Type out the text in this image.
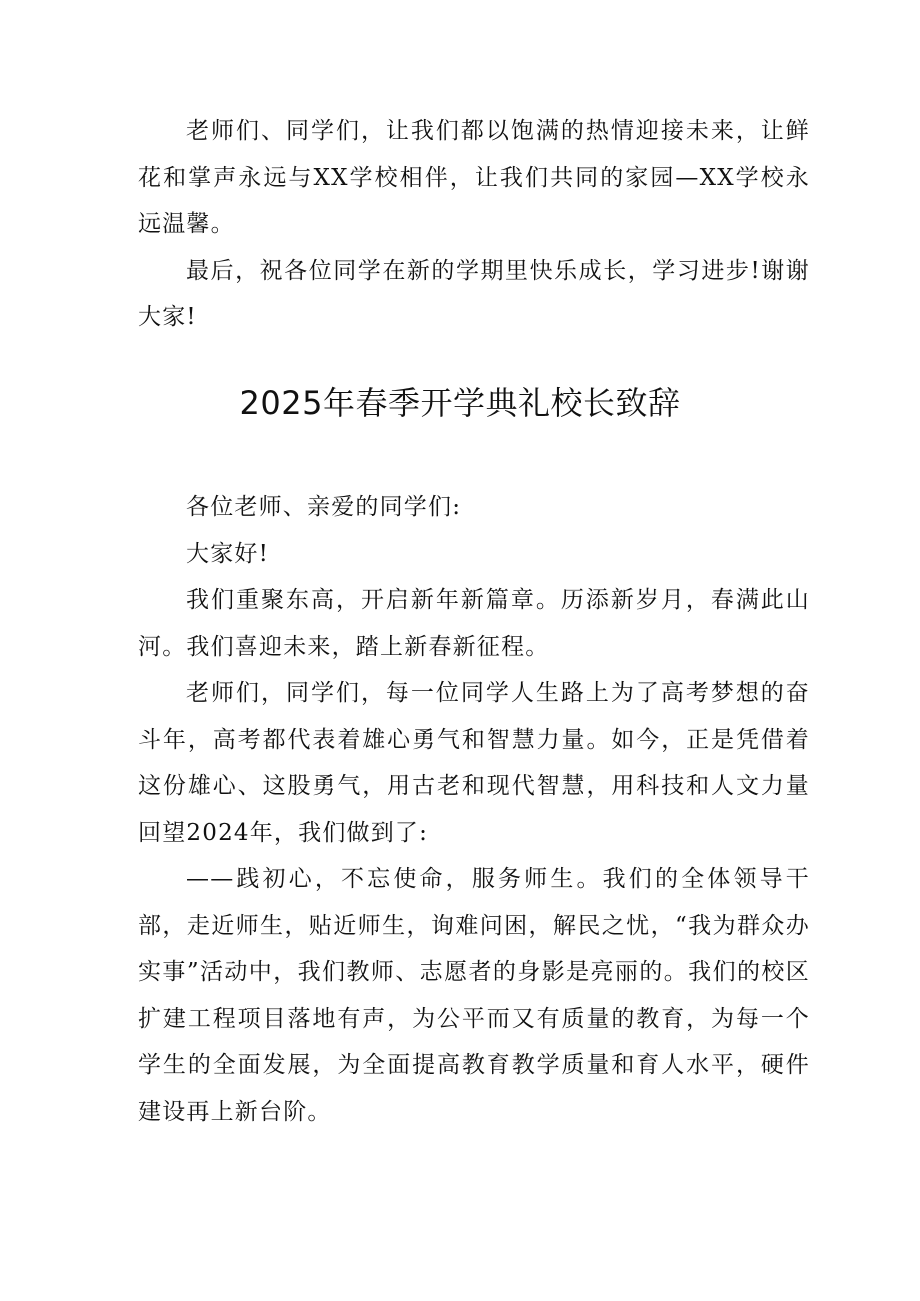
老师们、同学们，让我们都以饱满的热情迎接未来，让鲜花和掌声永远与XX学校相伴，让我们共同的家园—XX学校永远温馨。

最后，祝各位同学在新的学期里快乐成长，学习进步!谢谢大家!

2025年春季开学典礼校长致辞

各位老师、亲爱的同学们:

大家好!

我们重聚东高，开启新年新篇章。历添新岁月，春满此山河。我们喜迎未来，踏上新春新征程。

老师们，同学们，每一位同学人生路上为了高考梦想的奋斗年，高考都代表着雄心勇气和智慧力量。如今，正是凭借着这份雄心、这股勇气，用古老和现代智慧，用科技和人文力量回望2024年，我们做到了:

——践初心，不忘使命，服务师生。我们的全体领导干部，走近师生，贴近师生，询难问困，解民之忧，“我为群众办实事”活动中，我们教师、志愿者的身影是亮丽的。我们的校区扩建工程项目落地有声，为公平而又有质量的教育，为每一个学生的全面发展，为全面提高教育教学质量和育人水平，硬件建设再上新台阶。
